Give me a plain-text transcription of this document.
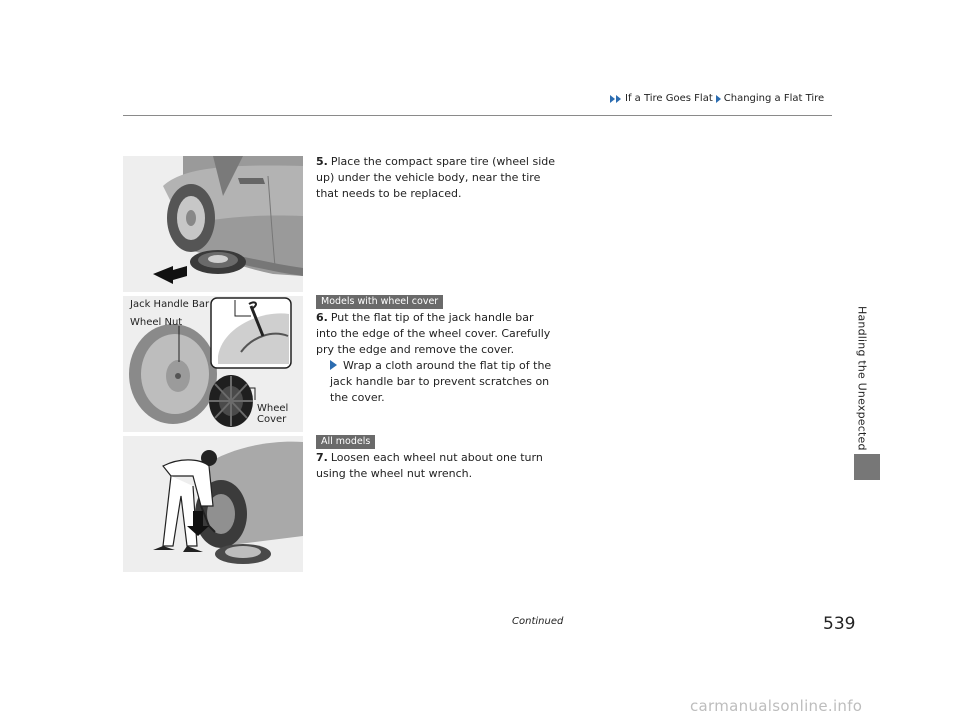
If a Tire Goes Flat Changing a Flat Tire
Handling the Unexpected
5. Place the compact spare tire (wheel side up) under the vehicle body, near the tire that needs to be replaced.
Models with wheel cover
Jack Handle Bar
Wheel Nut
Wheel
Cover
6. Put the flat tip of the jack handle bar into the edge of the wheel cover. Carefully pry the edge and remove the cover.
Wrap a cloth around the flat tip of the jack handle bar to prevent scratches on the cover.
All models
7. Loosen each wheel nut about one turn using the wheel nut wrench.
Continued	539
carmanualsonline.info
